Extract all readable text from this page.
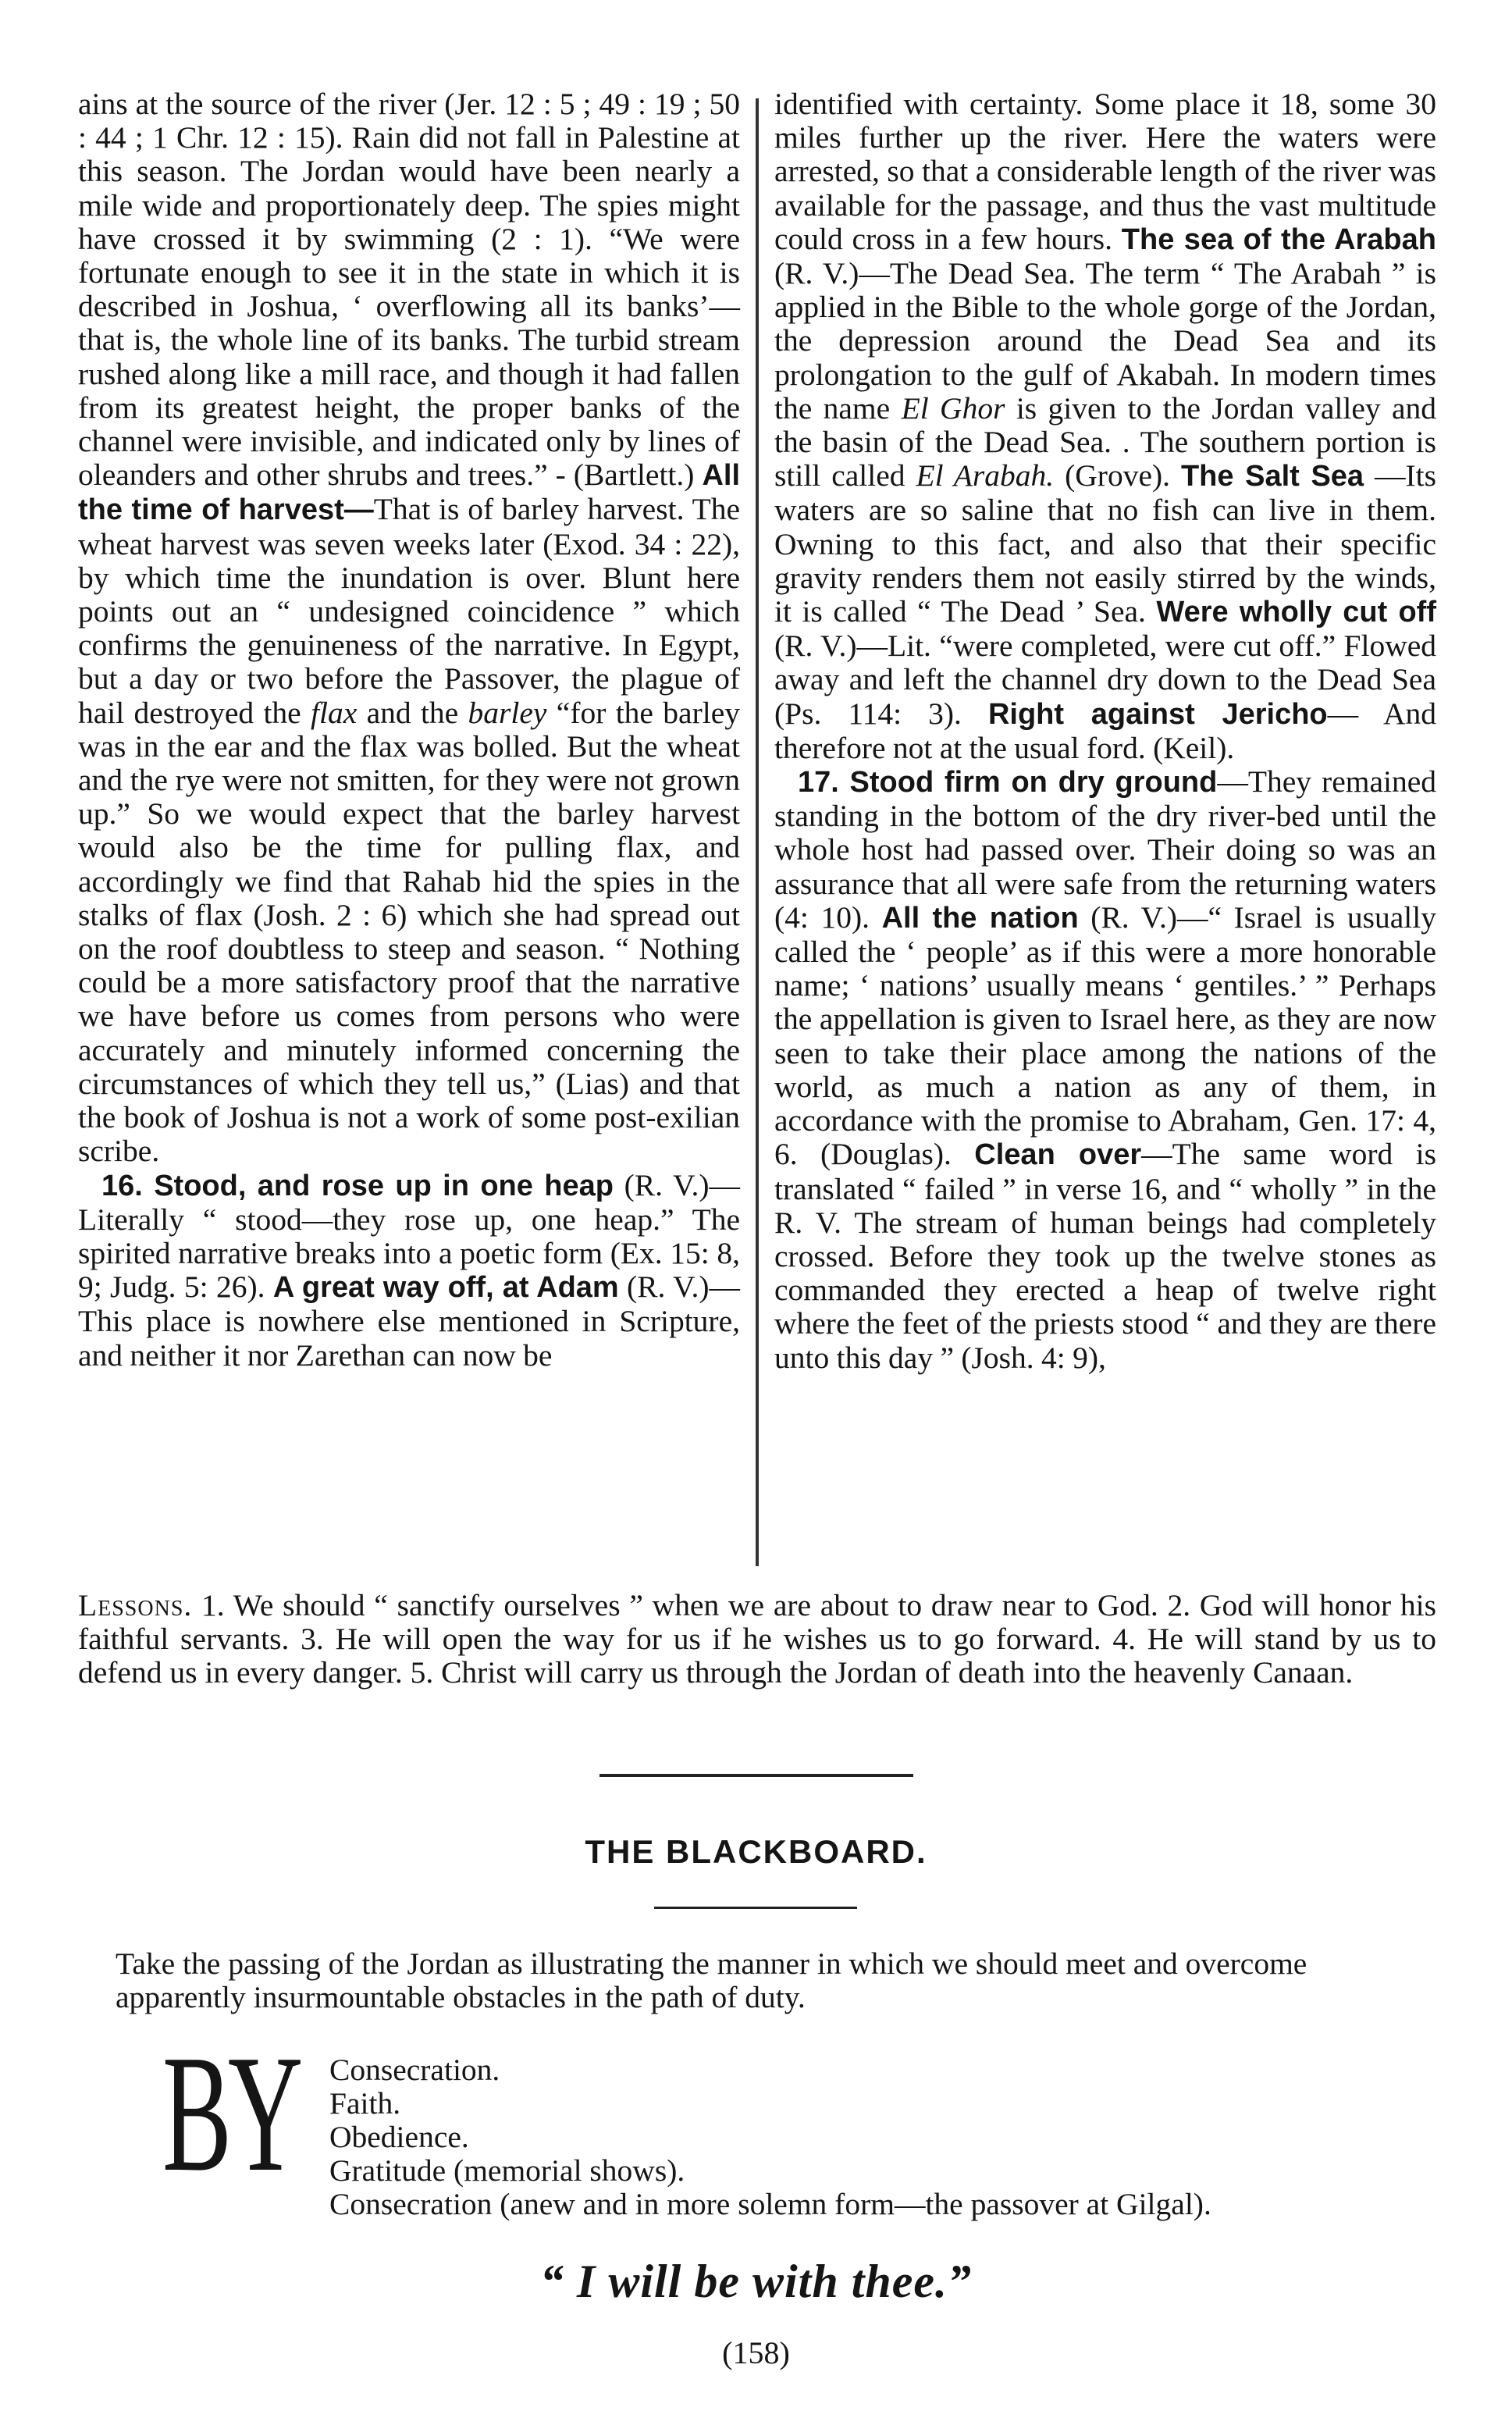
ains at the source of the river (Jer. 12 : 5 ; 49 : 19 ; 50 : 44 ; 1 Chr. 12 : 15). Rain did not fall in Palestine at this season. The Jordan would have been nearly a mile wide and proportionately deep. The spies might have crossed it by swimming (2 : 1). “We were fortunate enough to see it in the state in which it is described in Joshua, ‘ overflowing all its banks’—that is, the whole line of its banks. The turbid stream rushed along like a mill race, and though it had fallen from its greatest height, the proper banks of the channel were invisible, and indicated only by lines of oleanders and other shrubs and trees.” - (Bartlett.) All the time of harvest—That is of barley harvest. The wheat harvest was seven weeks later (Exod. 34 : 22), by which time the inundation is over. Blunt here points out an “ undesigned coincidence ” which confirms the genuineness of the narrative. In Egypt, but a day or two before the Passover, the plague of hail destroyed the flax and the barley “for the barley was in the ear and the flax was bolled. But the wheat and the rye were not smitten, for they were not grown up.” So we would expect that the barley harvest would also be the time for pulling flax, and accordingly we find that Rahab hid the spies in the stalks of flax (Josh. 2 : 6) which she had spread out on the roof doubtless to steep and season. “ Nothing could be a more satisfactory proof that the narrative we have before us comes from persons who were accurately and minutely informed concerning the circumstances of which they tell us,” (Lias) and that the book of Joshua is not a work of some post-exilian scribe.

16. Stood, and rose up in one heap (R. V.)—Literally “ stood—they rose up, one heap.” The spirited narrative breaks into a poetic form (Ex. 15: 8, 9; Judg. 5: 26). A great way off, at Adam (R. V.)—This place is nowhere else mentioned in Scripture, and neither it nor Zarethan can now be

identified with certainty. Some place it 18, some 30 miles further up the river. Here the waters were arrested, so that a considerable length of the river was available for the passage, and thus the vast multitude could cross in a few hours. The sea of the Arabah (R. V.)—The Dead Sea. The term “ The Arabah ” is applied in the Bible to the whole gorge of the Jordan, the depression around the Dead Sea and its prolongation to the gulf of Akabah. In modern times the name El Ghor is given to the Jordan valley and the basin of the Dead Sea. . The southern portion is still called El Arabah. (Grove). The Salt Sea —Its waters are so saline that no fish can live in them. Owning to this fact, and also that their specific gravity renders them not easily stirred by the winds, it is called “ The Dead ’ Sea. Were wholly cut off (R. V.)—Lit. “were completed, were cut off.” Flowed away and left the channel dry down to the Dead Sea (Ps. 114: 3). Right against Jericho— And therefore not at the usual ford. (Keil).

17. Stood firm on dry ground—They remained standing in the bottom of the dry river-bed until the whole host had passed over. Their doing so was an assurance that all were safe from the returning waters (4: 10). All the nation (R. V.)—“ Israel is usually called the ‘ people’ as if this were a more honorable name; ‘ nations’ usually means ‘ gentiles.’ ” Perhaps the appellation is given to Israel here, as they are now seen to take their place among the nations of the world, as much a nation as any of them, in accordance with the promise to Abraham, Gen. 17: 4, 6. (Douglas). Clean over—The same word is translated “ failed ” in verse 16, and “ wholly ” in the R. V. The stream of human beings had completely crossed. Before they took up the twelve stones as commanded they erected a heap of twelve right where the feet of the priests stood “ and they are there unto this day ” (Josh. 4: 9),

Lessons. 1. We should “ sanctify ourselves ” when we are about to draw near to God. 2. God will honor his faithful servants. 3. He will open the way for us if he wishes us to go forward. 4. He will stand by us to defend us in every danger. 5. Christ will carry us through the Jordan of death into the heavenly Canaan.
THE BLACKBOARD.
Take the passing of the Jordan as illustrating the manner in which we should meet and overcome apparently insurmountable obstacles in the path of duty.
BY Consecration.
Faith.
Obedience.
Gratitude (memorial shows).
Consecration (anew and in more solemn form—the passover at Gilgal).
“ I will be with thee.”
(158)
